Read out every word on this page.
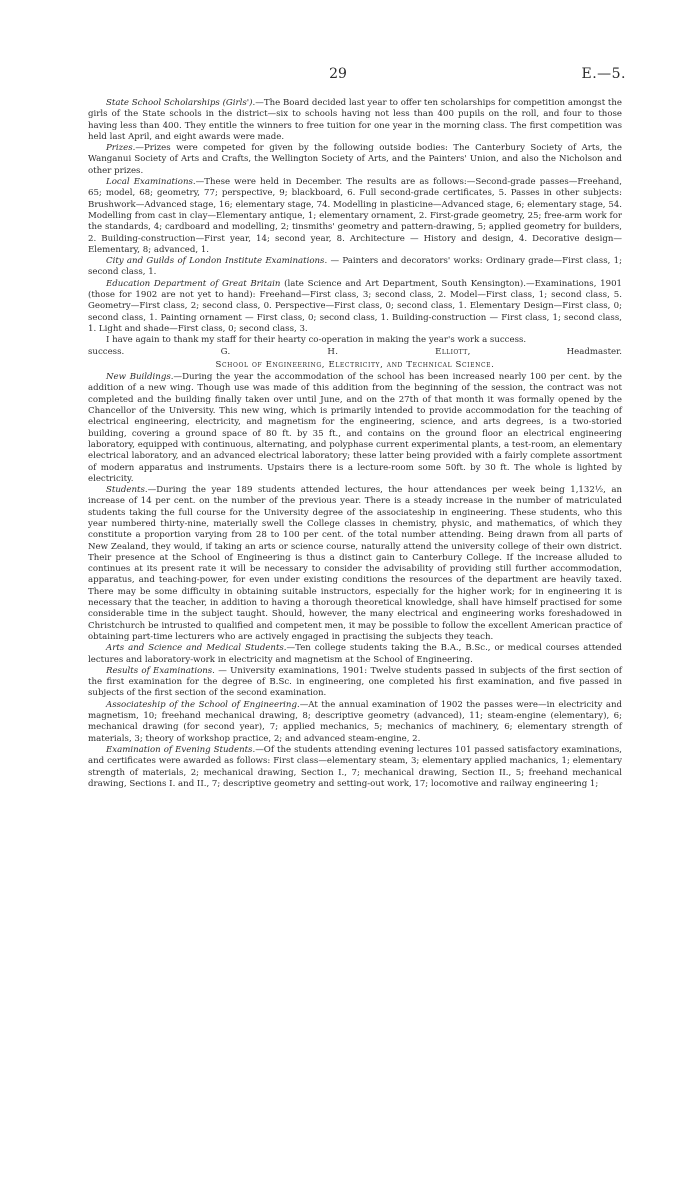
29	E.—5.

State School Scholarships (Girls').—The Board decided last year to offer ten scholarships for competition amongst the girls of the State schools in the district—six to schools having not less than 400 pupils on the roll, and four to those having less than 400. They entitle the winners to free tuition for one year in the morning class. The first competition was held last April, and eight awards were made.

Prizes.—Prizes were competed for given by the following outside bodies: The Canterbury Society of Arts, the Wanganui Society of Arts and Crafts, the Wellington Society of Arts, and the Painters' Union, and also the Nicholson and other prizes.

Local Examinations.—These were held in December. The results are as follows:—Second-grade passes—Freehand, 65; model, 68; geometry, 77; perspective, 9; blackboard, 6. Full second-grade certificates, 5. Passes in other subjects: Brushwork—Advanced stage, 16; elementary stage, 74. Modelling in plasticine—Advanced stage, 6; elementary stage, 54. Modelling from cast in clay—Elementary antique, 1; elementary ornament, 2. First-grade geometry, 25; free-arm work for the standards, 4; cardboard and modelling, 2; tinsmiths' geometry and pattern-drawing, 5; applied geometry for builders, 2. Building-construction—First year, 14; second year, 8. Architecture — History and design, 4. Decorative design—Elementary, 8; advanced, 1.

City and Guilds of London Institute Examinations. — Painters and decorators' works: Ordinary grade—First class, 1; second class, 1.

Education Department of Great Britain (late Science and Art Department, South Kensington).—Examinations, 1901 (those for 1902 are not yet to hand): Freehand—First class, 3; second class, 2. Model—First class, 1; second class, 5. Geometry—First class, 2; second class, 0. Perspective—First class, 0; second class, 1. Elementary Design—First class, 0; second class, 1. Painting ornament — First class, 0; second class, 1. Building-construction — First class, 1; second class, 1. Light and shade—First class, 0; second class, 3.

I have again to thank my staff for their hearty co-operation in making the year's work a success.

success.	G. H. Elliott, Headmaster.

School of Engineering, Electricity, and Technical Science.

New Buildings.—During the year the accommodation of the school has been increased nearly 100 per cent. by the addition of a new wing. Though use was made of this addition from the beginning of the session, the contract was not completed and the building finally taken over until June, and on the 27th of that month it was formally opened by the Chancellor of the University. This new wing, which is primarily intended to provide accommodation for the teaching of electrical engineering, electricity, and magnetism for the engineering, science, and arts degrees, is a two-storied building, covering a ground space of 80 ft. by 35 ft., and contains on the ground floor an electrical engineering laboratory, equipped with continuous, alternating, and polyphase current experimental plants, a test-room, an elementary electrical laboratory, and an advanced electrical laboratory; these latter being provided with a fairly complete assortment of modern apparatus and instruments. Upstairs there is a lecture-room some 50ft. by 30 ft. The whole is lighted by electricity.

Students.—During the year 189 students attended lectures, the hour attendances per week being 1,132½, an increase of 14 per cent. on the number of the previous year. There is a steady increase in the number of matriculated students taking the full course for the University degree of the associateship in engineering. These students, who this year numbered thirty-nine, materially swell the College classes in chemistry, physic, and mathematics, of which they constitute a proportion varying from 28 to 100 per cent. of the total number attending. Being drawn from all parts of New Zealand, they would, if taking an arts or science course, naturally attend the university college of their own district. Their presence at the School of Engineering is thus a distinct gain to Canterbury College. If the increase alluded to continues at its present rate it will be necessary to consider the advisability of providing still further accommodation, apparatus, and teaching-power, for even under existing conditions the resources of the department are heavily taxed. There may be some difficulty in obtaining suitable instructors, especially for the higher work; for in engineering it is necessary that the teacher, in addition to having a thorough theoretical knowledge, shall have himself practised for some considerable time in the subject taught. Should, however, the many electrical and engineering works foreshadowed in Christchurch be intrusted to qualified and competent men, it may be possible to follow the excellent American practice of obtaining part-time lecturers who are actively engaged in practising the subjects they teach.

Arts and Science and Medical Students.—Ten college students taking the B.A., B.Sc., or medical courses attended lectures and laboratory-work in electricity and magnetism at the School of Engineering.

Results of Examinations. — University examinations, 1901: Twelve students passed in subjects of the first section of the first examination for the degree of B.Sc. in engineering, one completed his first examination, and five passed in subjects of the first section of the second examination.

Associateship of the School of Engineering.—At the annual examination of 1902 the passes were—in electricity and magnetism, 10; freehand mechanical drawing, 8; descriptive geometry (advanced), 11; steam-engine (elementary), 6; mechanical drawing (for second year), 7; applied mechanics, 5; mechanics of machinery, 6; elementary strength of materials, 3; theory of workshop practice, 2; and advanced steam-engine, 2.

Examination of Evening Students.—Of the students attending evening lectures 101 passed satisfactory examinations, and certificates were awarded as follows: First class—elementary steam, 3; elementary applied machanics, 1; elementary strength of materials, 2; mechanical drawing, Section I., 7; mechanical drawing, Section II., 5; freehand mechanical drawing, Sections I. and II., 7; descriptive geometry and setting-out work, 17; locomotive and railway engineering 1;
